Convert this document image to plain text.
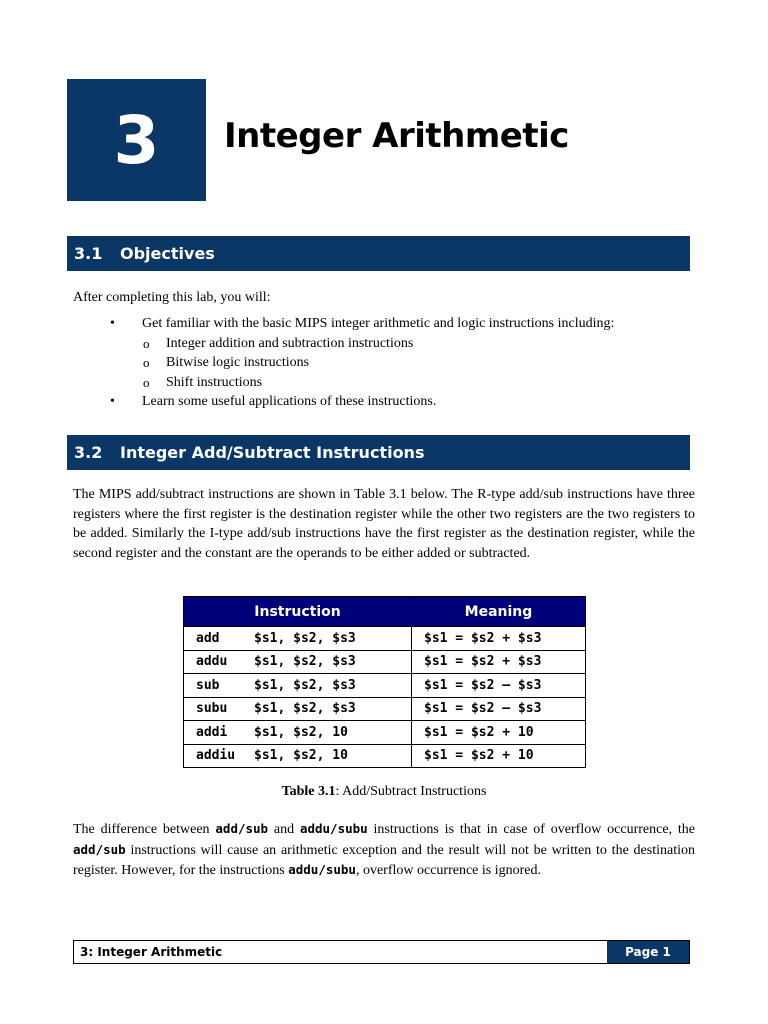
3 Integer Arithmetic
3.1	Objectives
After completing this lab, you will:
• Get familiar with the basic MIPS integer arithmetic and logic instructions including:
o Integer addition and subtraction instructions
o Bitwise logic instructions
o Shift instructions
• Learn some useful applications of these instructions.
3.2	Integer Add/Subtract Instructions
The MIPS add/subtract instructions are shown in Table 3.1 below. The R-type add/sub instructions have three registers where the first register is the destination register while the other two registers are the two registers to be added. Similarly the I-type add/sub instructions have the first register as the destination register, while the second register and the constant are the operands to be either added or subtracted.
Instruction	Meaning
add $s1, $s2, $s3	$s1 = $s2 + $s3
addu $s1, $s2, $s3	$s1 = $s2 + $s3
sub $s1, $s2, $s3	$s1 = $s2 – $s3
subu $s1, $s2, $s3	$s1 = $s2 – $s3
addi $s1, $s2, 10	$s1 = $s2 + 10
addiu $s1, $s2, 10	$s1 = $s2 + 10
Table 3.1: Add/Subtract Instructions
The difference between add/sub and addu/subu instructions is that in case of overflow occurrence, the add/sub instructions will cause an arithmetic exception and the result will not be written to the destination register. However, for the instructions addu/subu, overflow occurrence is ignored.
3: Integer Arithmetic	Page 1
